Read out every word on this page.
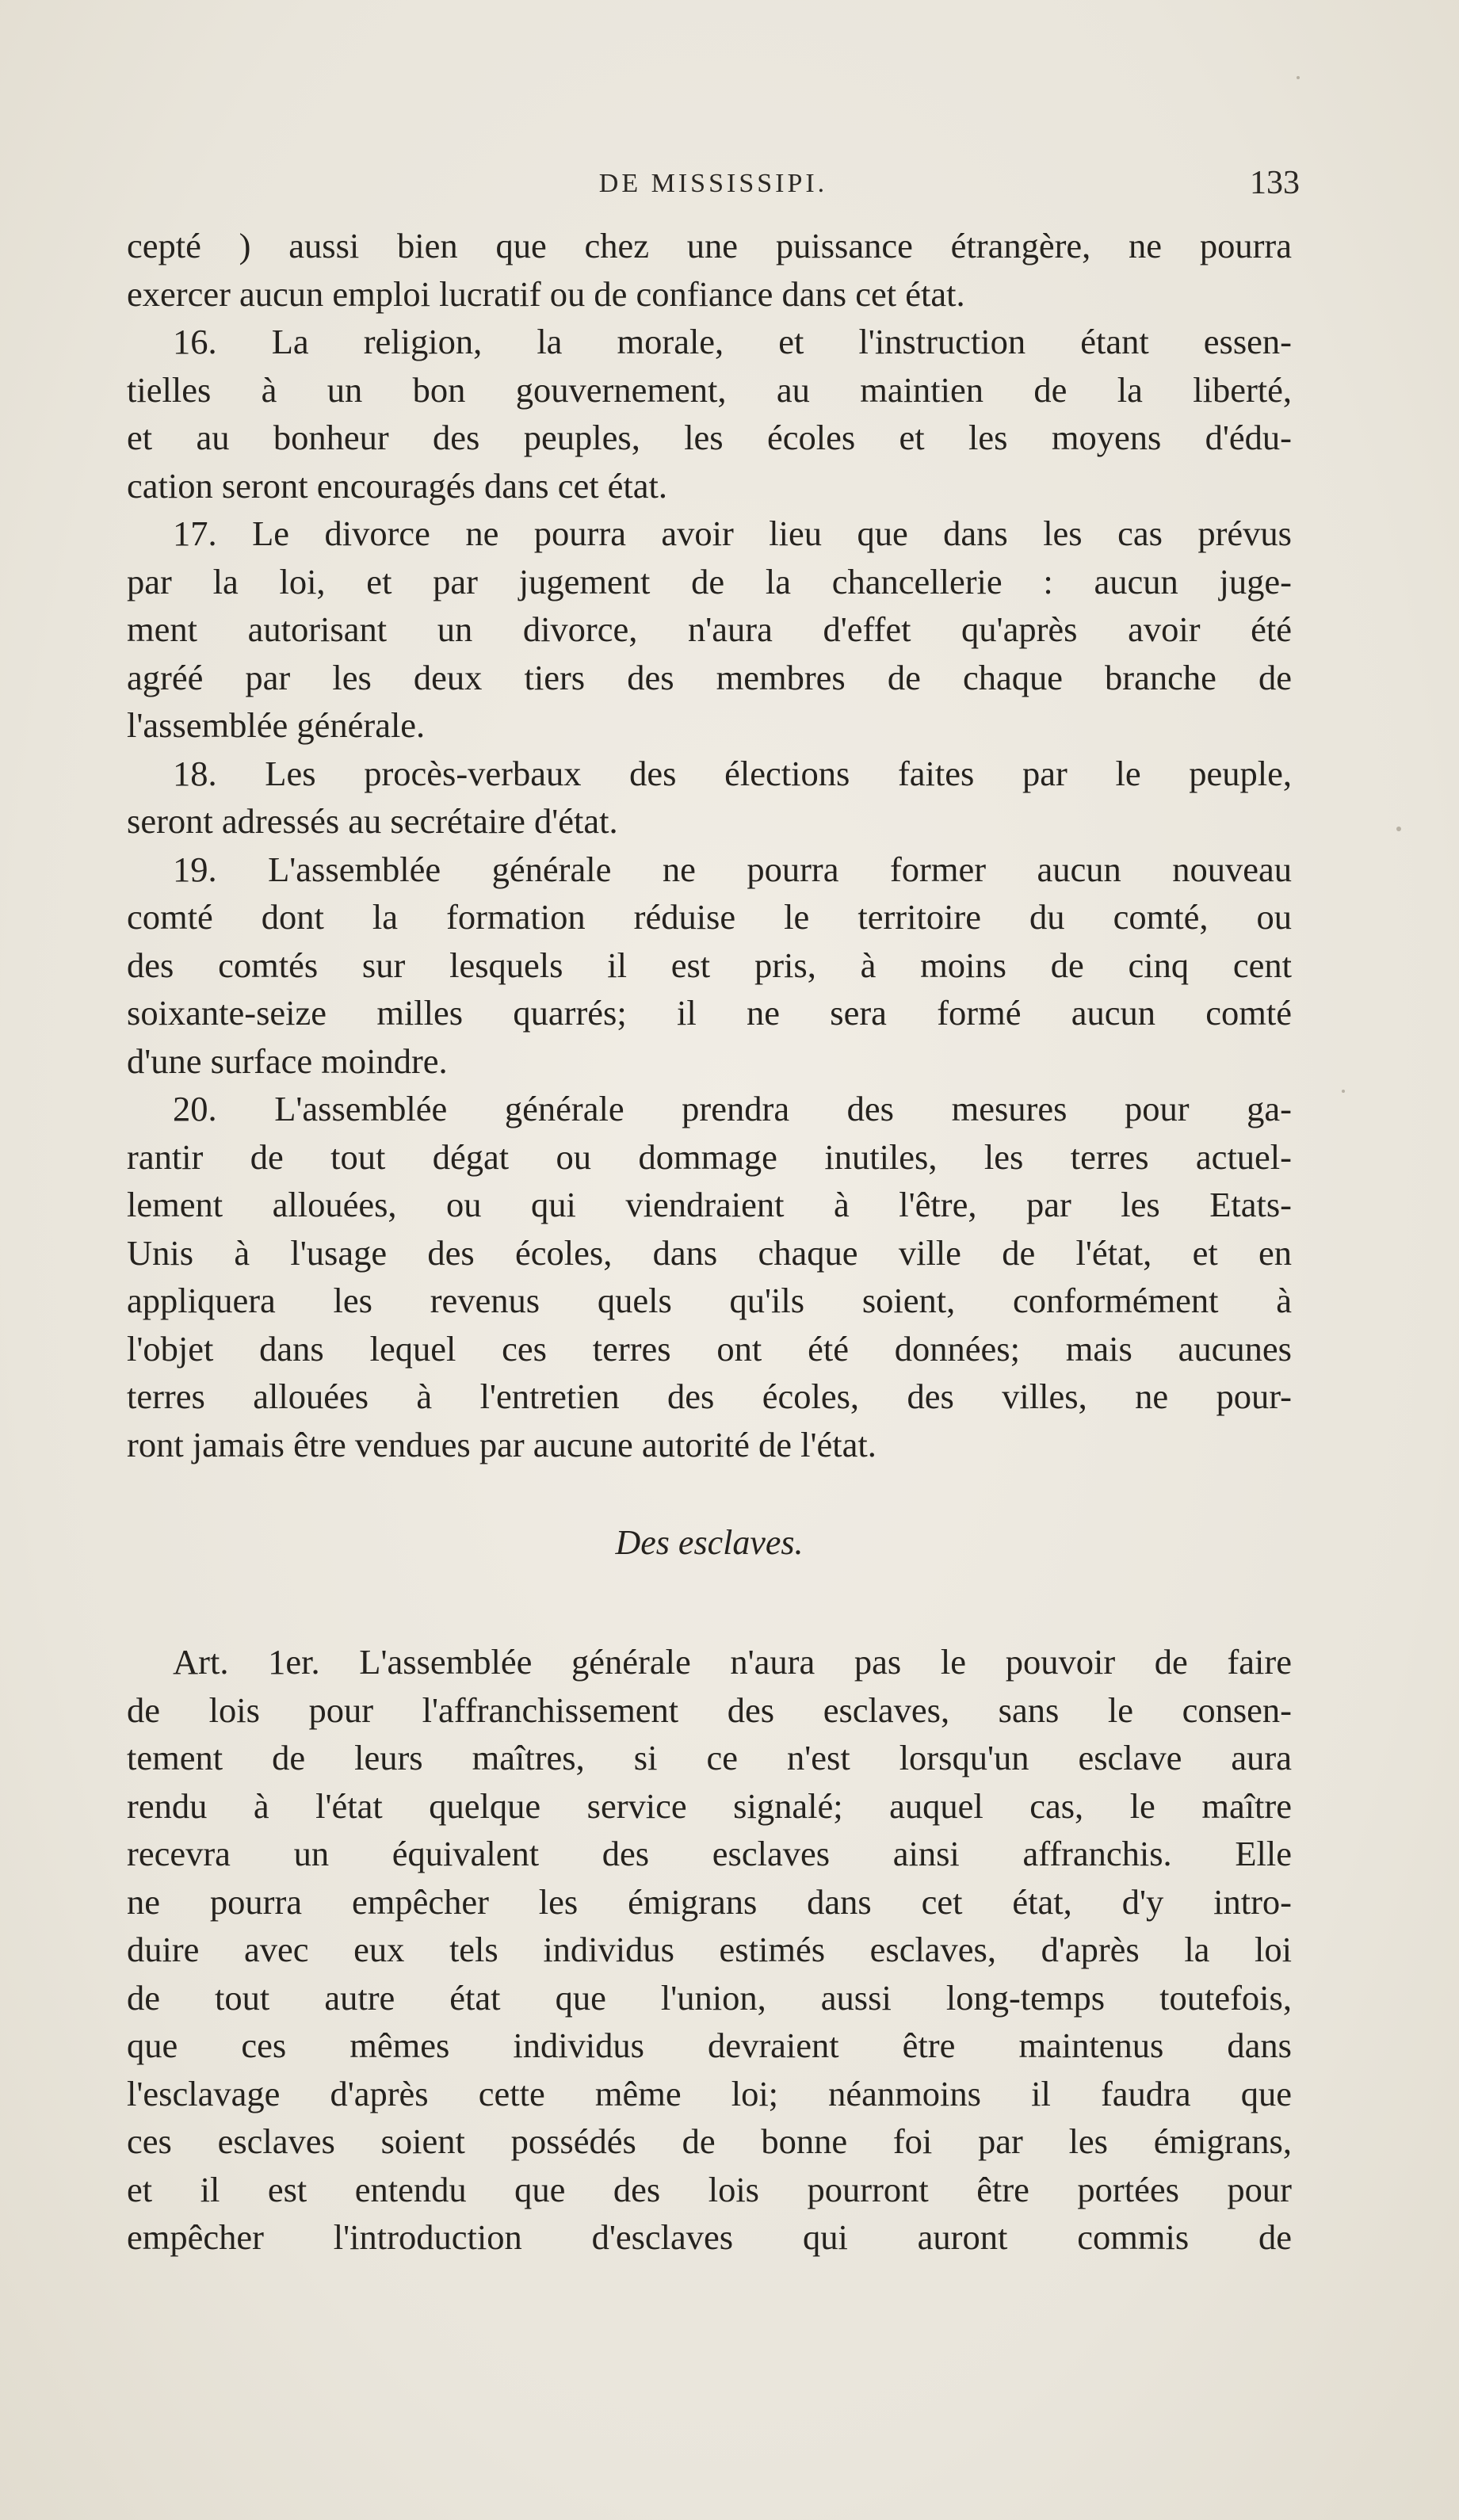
DE MISSISSIPI.	133
cepté ) aussi bien que chez une puissance étrangère, ne pourra
exercer aucun emploi lucratif ou de confiance dans cet état.
16. La religion, la morale, et l'instruction étant essen-
tielles à un bon gouvernement, au maintien de la liberté,
et au bonheur des peuples, les écoles et les moyens d'édu-
cation seront encouragés dans cet état.
17. Le divorce ne pourra avoir lieu que dans les cas prévus
par la loi, et par jugement de la chancellerie : aucun juge-
ment autorisant un divorce, n'aura d'effet qu'après avoir été
agréé par les deux tiers des membres de chaque branche de
l'assemblée générale.
18. Les procès-verbaux des élections faites par le peuple,
seront adressés au secrétaire d'état.
19. L'assemblée générale ne pourra former aucun nouveau
comté dont la formation réduise le territoire du comté, ou
des comtés sur lesquels il est pris, à moins de cinq cent
soixante-seize milles quarrés; il ne sera formé aucun comté
d'une surface moindre.
20. L'assemblée générale prendra des mesures pour ga-
rantir de tout dégat ou dommage inutiles, les terres actuel-
lement allouées, ou qui viendraient à l'être, par les Etats-
Unis à l'usage des écoles, dans chaque ville de l'état, et en
appliquera les revenus quels qu'ils soient, conformément à
l'objet dans lequel ces terres ont été données; mais aucunes
terres allouées à l'entretien des écoles, des villes, ne pour-
ront jamais être vendues par aucune autorité de l'état.
Des esclaves.
Art. 1er. L'assemblée générale n'aura pas le pouvoir de faire
de lois pour l'affranchissement des esclaves, sans le consen-
tement de leurs maîtres, si ce n'est lorsqu'un esclave aura
rendu à l'état quelque service signalé; auquel cas, le maître
recevra un équivalent des esclaves ainsi affranchis. Elle
ne pourra empêcher les émigrans dans cet état, d'y intro-
duire avec eux tels individus estimés esclaves, d'après la loi
de tout autre état que l'union, aussi long-temps toutefois,
que ces mêmes individus devraient être maintenus dans
l'esclavage d'après cette même loi; néanmoins il faudra que
ces esclaves soient possédés de bonne foi par les émigrans,
et il est entendu que des lois pourront être portées pour
empêcher l'introduction d'esclaves qui auront commis de
